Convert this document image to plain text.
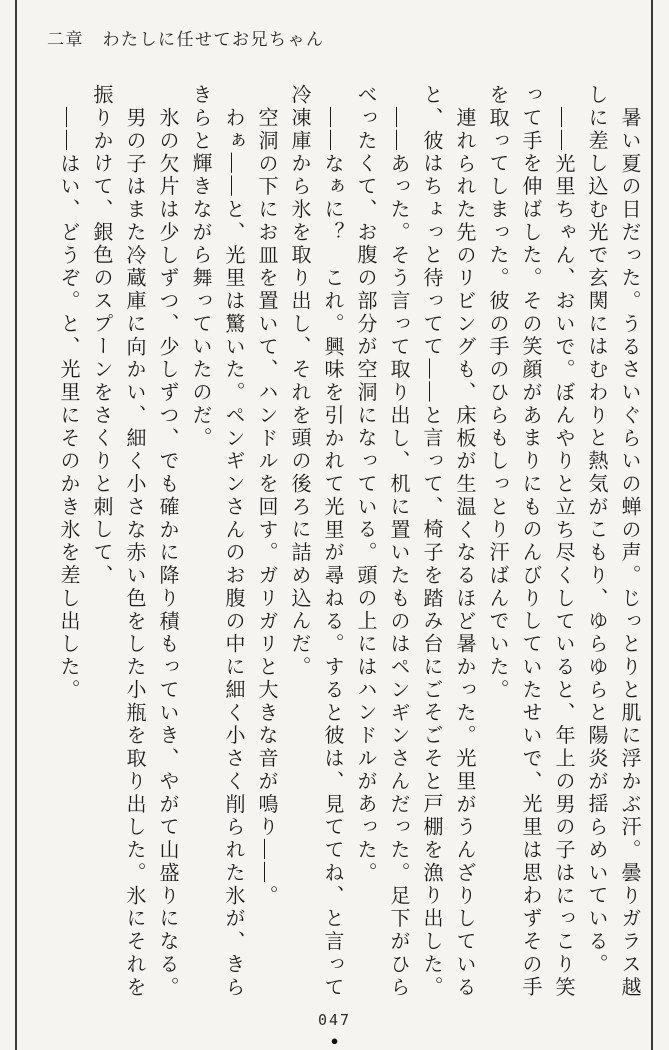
二章　わたしに任せてお兄ちゃん
暑い夏の日だった。うるさいぐらいの蝉の声。じっとりと肌に浮かぶ汗。曇りガラス越
しに差し込む光で玄関にはむわりと熱気がこもり、ゆらゆらと陽炎が揺らめいている。
——光里ちゃん、おいで。ぼんやりと立ち尽くしていると、年上の男の子はにっこり笑
って手を伸ばした。その笑顔があまりにものんびりしていたせいで、光里は思わずその手
を取ってしまった。彼の手のひらもしっとり汗ばんでいた。
連れられた先のリビングも、床板が生温くなるほど暑かった。光里がうんざりしている
と、彼はちょっと待ってて——と言って、椅子を踏み台にごそごそと戸棚を漁り出した。
——あった。そう言って取り出し、机に置いたものはペンギンさんだった。足下がひら
べったくて、お腹の部分が空洞になっている。頭の上にはハンドルがあった。
——なぁに？　これ。興味を引かれて光里が尋ねる。すると彼は、見ててね、と言って
冷凍庫から氷を取り出し、それを頭の後ろに詰め込んだ。
空洞の下にお皿を置いて、ハンドルを回す。ガリガリと大きな音が鳴り——。
わぁ——と、光里は驚いた。ペンギンさんのお腹の中に細く小さく削られた氷が、きら
きらと輝きながら舞っていたのだ。
氷の欠片は少しずつ、少しずつ、でも確かに降り積もっていき、やがて山盛りになる。
男の子はまた冷蔵庫に向かい、細く小さな赤い色をした小瓶を取り出した。氷にそれを
振りかけて、銀色のスプーンをさくりと刺して、
——はい、どうぞ。と、光里にそのかき氷を差し出した。
047
●
